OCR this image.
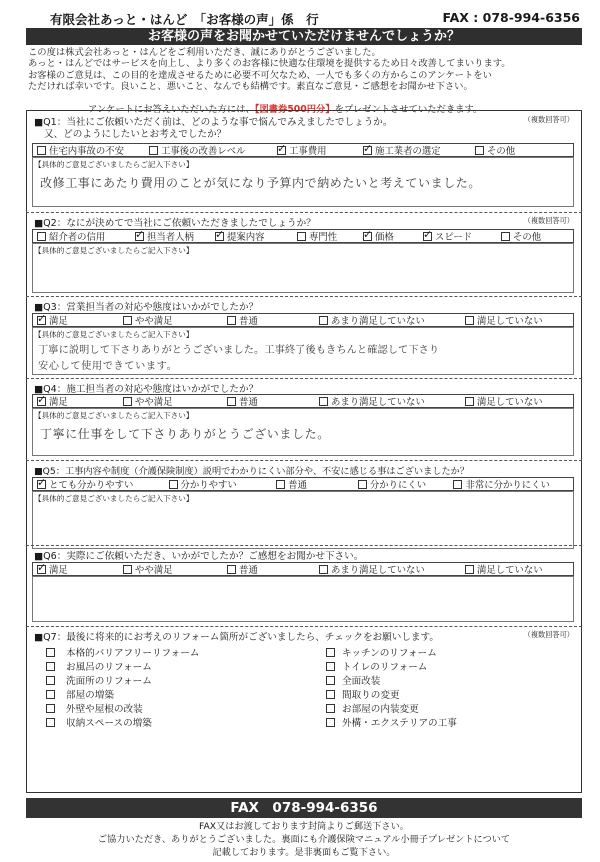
有限会社あっと・はんど　「お客様の声」係　行	FAX : 078-994-6356
お客様の声をお聞かせていただけませんでしょうか？
この度は株式会社あっと・はんどをご利用いただき、誠にありがとうございました。
あっと・はんどではサービスを向上し、より多くのお客様に快適な住環境を提供するため日々改善してまいります。
お客様のご意見は、この目的を達成させるために必要不可欠なため、一人でも多くの方からこのアンケートをい
ただければ幸いです。良いこと、悪いこと、なんでも結構です。素直なご意見・ご感想をお聞かせ下さい。
アンケートにお答えいただいた方には、【図書券500円分】をプレゼントさせていただきます。
■Q1：当社にご依頼いただく前は、どのような事で悩んでみえましたでしょうか。	（複数回答可）
又、どのようにしたいとお考えでしたか？
住宅内事故の不安	工事後の改善レベル ✓	工事費用 ✓	施工業者の選定	その他
【具体的ご意見ございましたらご記入下さい】
改修工事にあたり費用のことが気になり予算内で納めたいと考えていました。
■Q2：なにが決めてで当社にご依頼いただきましたでしょうか？	（複数回答可）
紹介者の信用 ✓	担当者人柄 ✓	提案内容	専門性 ✓	価格 ✓	スピード	その他
【具体的ご意見ございましたらご記入下さい】
■Q3：営業担当者の対応や態度はいかがでしたか？
✓
満足	やや満足	普通	あまり満足していない	満足していない
【具体的ご意見ございましたらご記入下さい】
丁寧に説明して下さりありがとうございました。工事終了後もきちんと確認して下さり
安心して使用できています。
■Q4：施工担当者の対応や態度はいかがでしたか？
✓
満足	やや満足	普通	あまり満足していない	満足していない
【具体的ご意見ございましたらご記入下さい】
丁寧に仕事をして下さりありがとうございました。
■Q5：工事内容や制度（介護保険制度）説明でわかりにくい部分や、不安に感じる事はございましたか？
✓
とても分かりやすい	分かりやすい	普通	分かりにくい	非常に分かりにくい
【具体的ご意見ございましたらご記入下さい】
■Q6：実際にご依頼いただき、いかがでしたか？ご感想をお聞かせ下さい。
✓
満足	やや満足	普通	あまり満足していない	満足していない
■Q7：最後に将来的にお考えのリフォーム箇所がございましたら、チェックをお願いします。	（複数回答可）
本格的バリアフリーリフォーム
お風呂のリフォーム
洗面所のリフォーム
部屋の増築
外壁や屋根の改装
収納スペースの増築
キッチンのリフォーム
トイレのリフォーム
全面改装
間取りの変更
お部屋の内装変更
外構・エクステリアの工事
FAX　078-994-6356
FAX又はお渡しております封筒よりご郵送下さい。
ご協力いただき、ありがとうございました。裏面にも介護保険マニュアル小冊子プレゼントについて
記載しております。是非裏面もご覧下さい。
